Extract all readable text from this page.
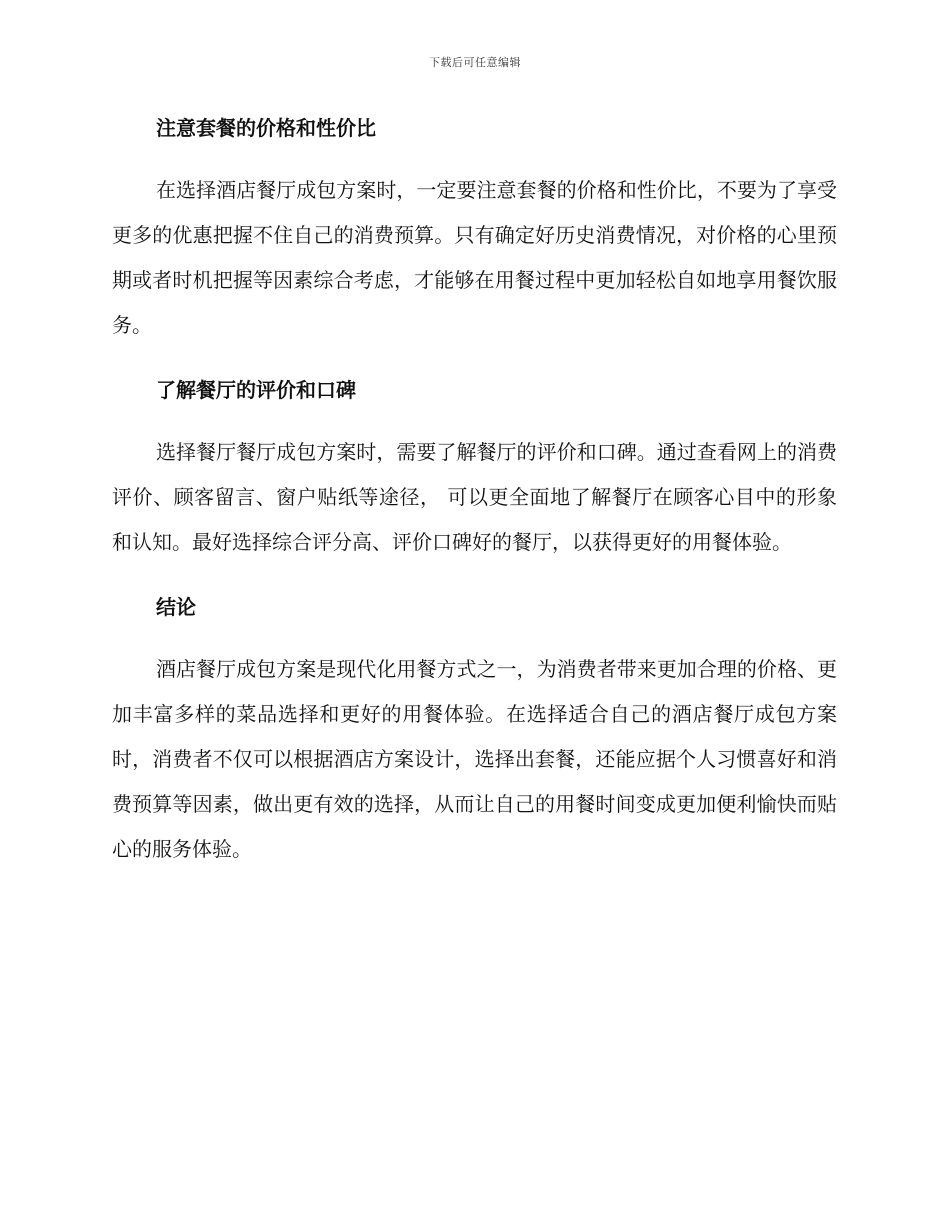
下载后可任意编辑
注意套餐的价格和性价比

在选择酒店餐厅成包方案时，一定要注意套餐的价格和性价比，不要为了享受更多的优惠把握不住自己的消费预算。只有确定好历史消费情况，对价格的心里预期或者时机把握等因素综合考虑，才能够在用餐过程中更加轻松自如地享用餐饮服务。

了解餐厅的评价和口碑

选择餐厅餐厅成包方案时，需要了解餐厅的评价和口碑。通过查看网上的消费评价、顾客留言、窗户贴纸等途径， 可以更全面地了解餐厅在顾客心目中的形象和认知。最好选择综合评分高、评价口碑好的餐厅，以获得更好的用餐体验。

结论

酒店餐厅成包方案是现代化用餐方式之一，为消费者带来更加合理的价格、更加丰富多样的菜品选择和更好的用餐体验。在选择适合自己的酒店餐厅成包方案时，消费者不仅可以根据酒店方案设计，选择出套餐，还能应据个人习惯喜好和消费预算等因素，做出更有效的选择，从而让自己的用餐时间变成更加便利愉快而贴心的服务体验。
